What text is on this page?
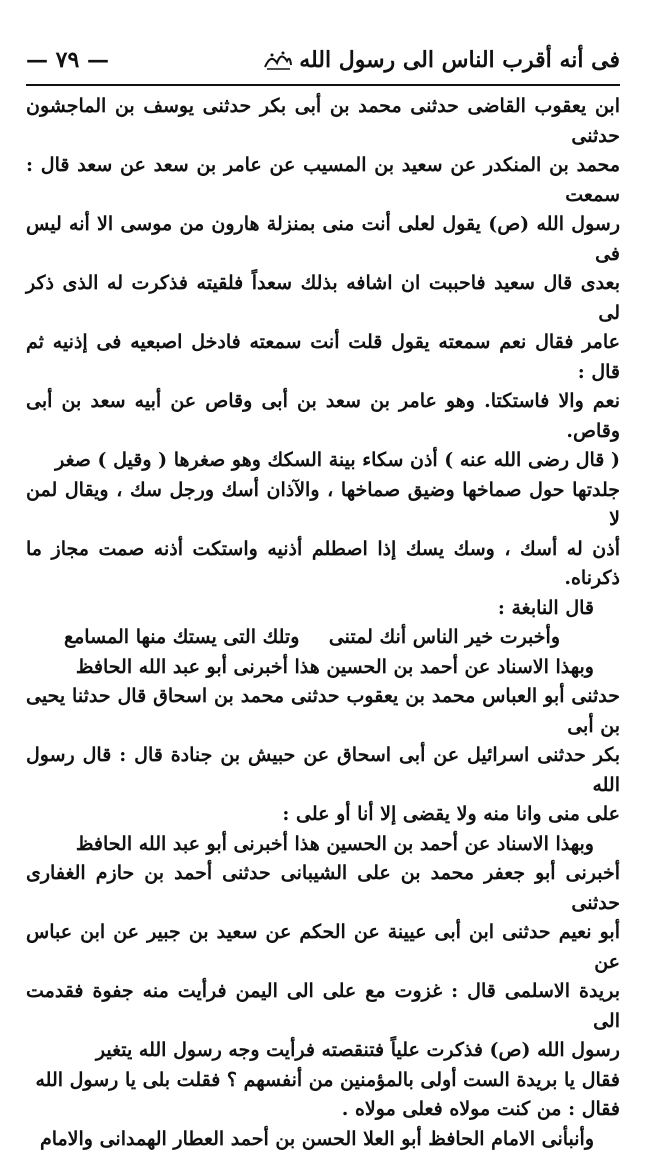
فى أنه أقرب الناس الى رسول الله
— ٧٩ —
ابن يعقوب القاضى حدثنى محمد بن أبى بكر حدثنى يوسف بن الماجشون حدثنى
محمد بن المنكدر عن سعيد بن المسيب عن عامر بن سعد عن سعد قال : سمعت
رسول الله (ص) يقول لعلى أنت منى بمنزلة هارون من موسى الا أنه ليس فى
بعدى قال سعيد فاحببت ان اشافه بذلك سعداً فلقيته فذكرت له الذى ذكر لى
عامر فقال نعم سمعته يقول قلت أنت سمعته فادخل اصبعيه فى إذنيه ثم قال :
نعم والا فاستكتا. وهو عامر بن سعد بن أبى وقاص عن أبيه سعد بن أبى وقاص.
( قال رضى الله عنه ) أذن سكاء بينة السكك وهو صغرها ( وقيل ) صغر
جلدتها حول صماخها وضيق صماخها ، والآذان أسك ورجل سك ، ويقال لمن لا
أذن له أسك ، وسك يسك إذا اصطلم أذنيه واستكت أذنه صمت مجاز ما ذكرناه.
قال النابغة :
وأخبرت خير الناس أنك لمتنى
وتلك التى يستك منها المسامع
وبهذا الاسناد عن أحمد بن الحسين هذا أخبرنى أبو عبد الله الحافظ
حدثنى أبو العباس محمد بن يعقوب حدثنى محمد بن اسحاق قال حدثنا يحيى بن أبى
بكر حدثنى اسرائيل عن أبى اسحاق عن حبيش بن جنادة قال : قال رسول الله
على منى وانا منه ولا يقضى إلا أنا أو على :
وبهذا الاسناد عن أحمد بن الحسين هذا أخبرنى أبو عبد الله الحافظ
أخبرنى أبو جعفر محمد بن على الشيبانى حدثنى أحمد بن حازم الغفارى حدثنى
أبو نعيم حدثنى ابن أبى عيينة عن الحكم عن سعيد بن جبير عن ابن عباس عن
بريدة الاسلمى قال : غزوت مع على الى اليمن فرأيت منه جفوة فقدمت الى
رسول الله (ص) فذكرت علياً فتنقصته فرأيت وجه رسول الله يتغير
فقال يا بريدة الست أولى بالمؤمنين من أنفسهم ؟ فقلت بلى يا رسول الله
فقال : من كنت مولاه فعلى مولاه .
وأنبأنى الامام الحافظ أبو العلا الحسن بن أحمد العطار الهمدانى والامام
